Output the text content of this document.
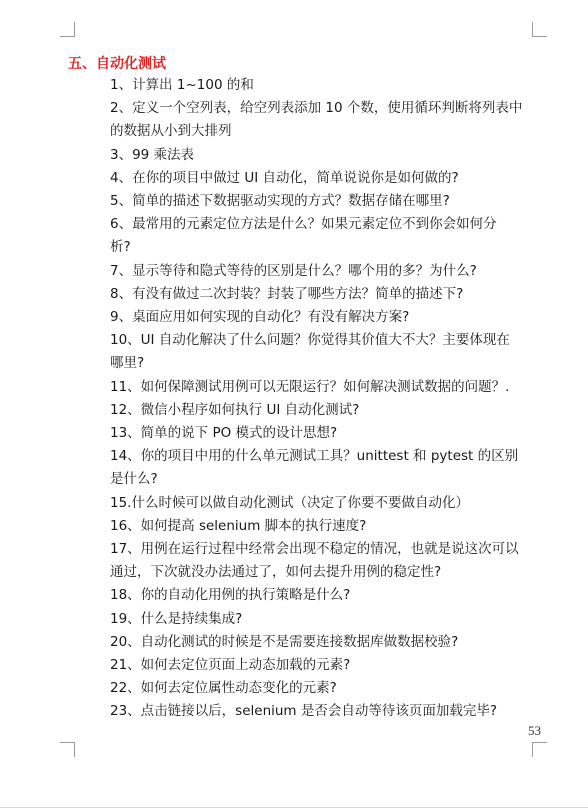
五、自动化测试
1、计算出 1~100 的和
2、定义一个空列表，给空列表添加 10 个数，使用循环判断将列表中
的数据从小到大排列
3、99 乘法表
4、在你的项目中做过 UI 自动化，简单说说你是如何做的?
5、简单的描述下数据驱动实现的方式？数据存储在哪里?
6、最常用的元素定位方法是什么？如果元素定位不到你会如何分
析?
7、显示等待和隐式等待的区别是什么？哪个用的多？为什么?
8、有没有做过二次封装？封装了哪些方法？简单的描述下?
9、桌面应用如何实现的自动化？有没有解决方案?
10、UI 自动化解决了什么问题？你觉得其价值大不大？主要体现在
哪里?
11、如何保障测试用例可以无限运行？如何解决测试数据的问题？.
12、微信小程序如何执行 UI 自动化测试?
13、简单的说下 PO 模式的设计思想?
14、你的项目中用的什么单元测试工具？unittest 和 pytest 的区别
是什么?
15.什么时候可以做自动化测试（决定了你要不要做自动化）
16、如何提高 selenium 脚本的执行速度?
17、用例在运行过程中经常会出现不稳定的情况，也就是说这次可以
通过，下次就没办法通过了，如何去提升用例的稳定性?
18、你的自动化用例的执行策略是什么?
19、什么是持续集成?
20、自动化测试的时候是不是需要连接数据库做数据校验?
21、如何去定位页面上动态加载的元素?
22、如何去定位属性动态变化的元素?
23、点击链接以后，selenium 是否会自动等待该页面加载完毕?
53
